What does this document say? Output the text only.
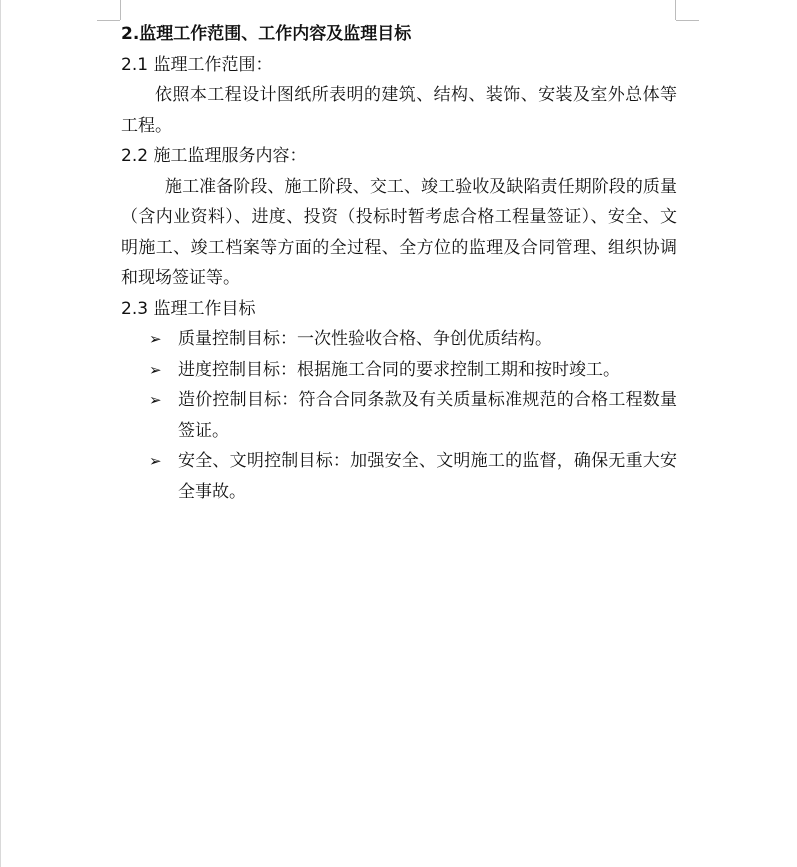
2.监理工作范围、工作内容及监理目标
2.1 监理工作范围：
依照本工程设计图纸所表明的建筑、结构、装饰、安装及室外总体等工程。
2.2 施工监理服务内容：
施工准备阶段、施工阶段、交工、竣工验收及缺陷责任期阶段的质量（含内业资料）、进度、投资（投标时暂考虑合格工程量签证）、安全、文明施工、竣工档案等方面的全过程、全方位的监理及合同管理、组织协调和现场签证等。
2.3 监理工作目标
➢ 质量控制目标：一次性验收合格、争创优质结构。
➢ 进度控制目标：根据施工合同的要求控制工期和按时竣工。
➢ 造价控制目标：符合合同条款及有关质量标准规范的合格工程数量签证。
➢ 安全、文明控制目标：加强安全、文明施工的监督，确保无重大安全事故。
